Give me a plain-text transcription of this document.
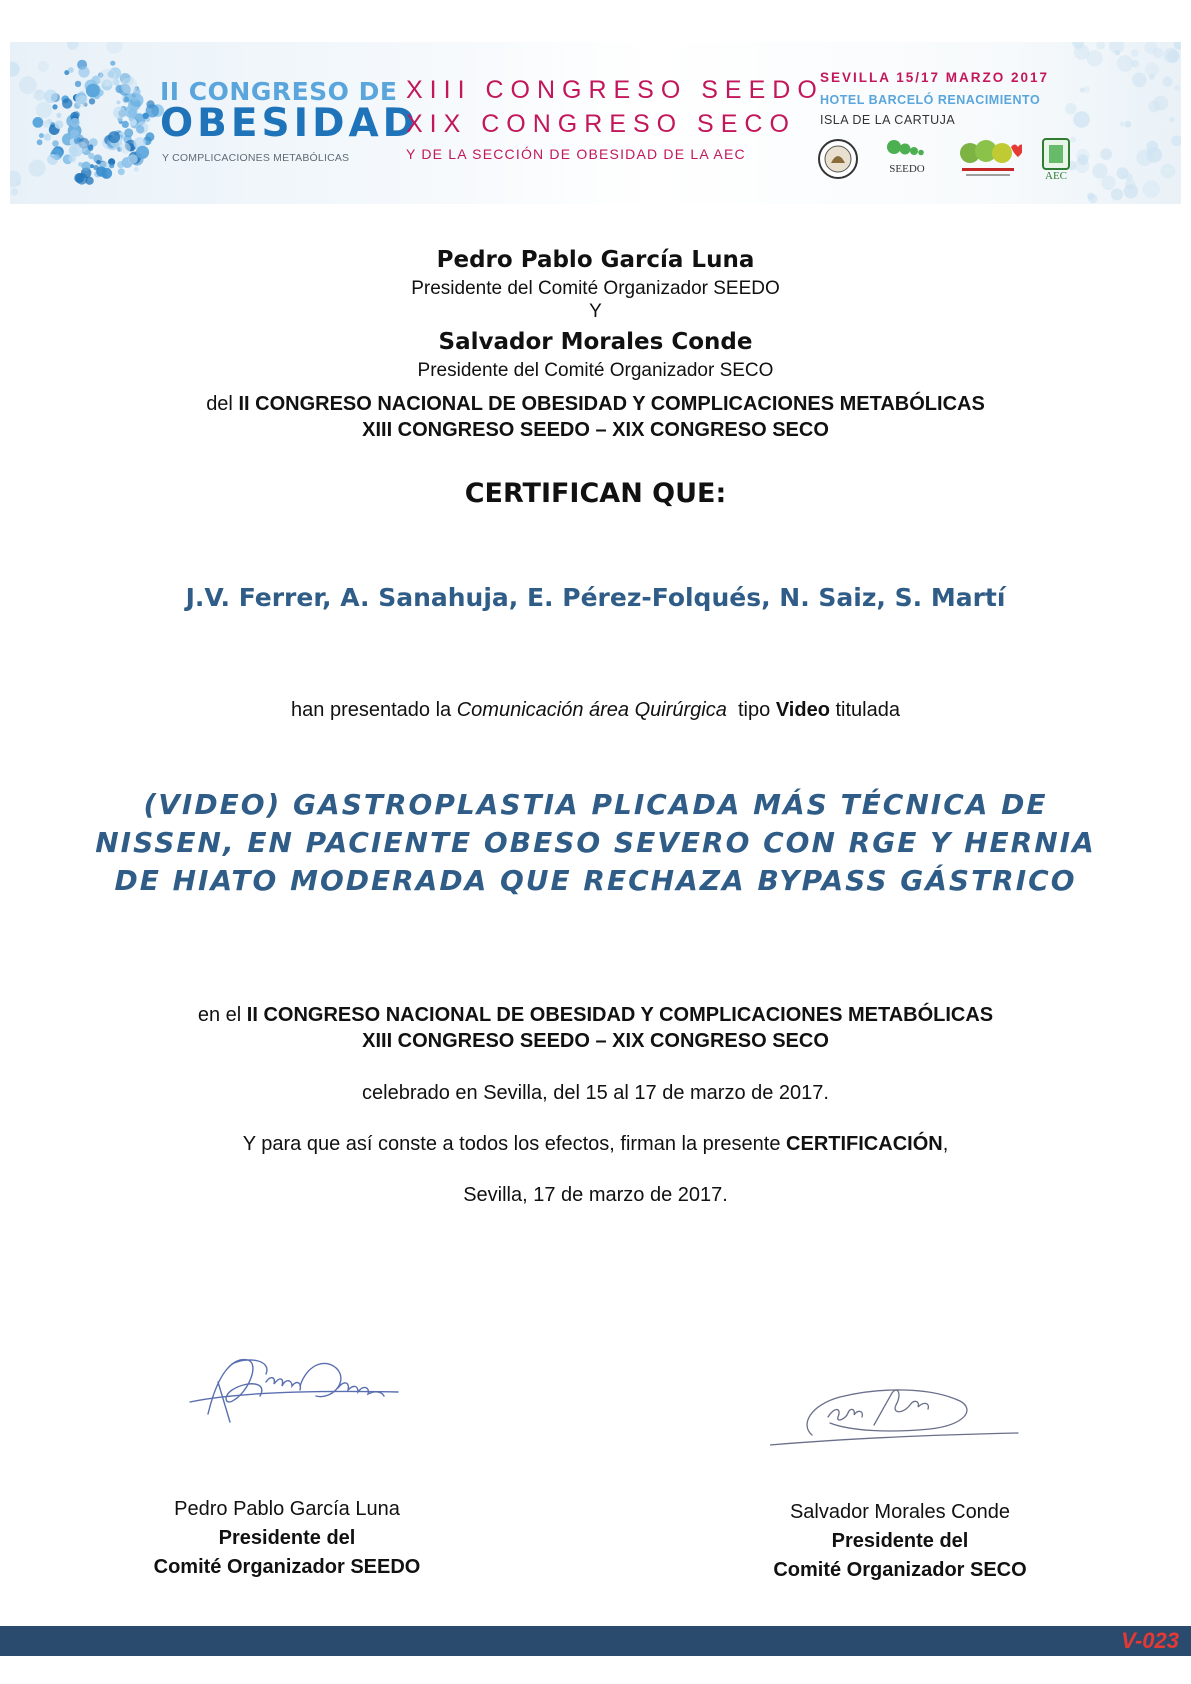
II CONGRESO DE
OBESIDAD
Y COMPLICACIONES METABÓLICAS
XIII CONGRESO SEEDO
XIX CONGRESO SECO
Y DE LA SECCIÓN DE OBESIDAD DE LA AEC
SEVILLA 15/17 MARZO 2017
HOTEL BARCELÓ RENACIMIENTO
ISLA DE LA CARTUJA
SEEDO
AEC
Pedro Pablo García Luna
Presidente del Comité Organizador SEEDO
Y
Salvador Morales Conde
Presidente del Comité Organizador SECO
del II CONGRESO NACIONAL DE OBESIDAD Y COMPLICACIONES METABÓLICAS
XIII CONGRESO SEEDO – XIX CONGRESO SECO
CERTIFICAN QUE:
J.V. Ferrer, A. Sanahuja, E. Pérez-Folqués, N. Saiz, S. Martí
han presentado la Comunicación área Quirúrgica tipo Video titulada
(VIDEO) GASTROPLASTIA PLICADA MÁS TÉCNICA DE
NISSEN, EN PACIENTE OBESO SEVERO CON RGE Y HERNIA
DE HIATO MODERADA QUE RECHAZA BYPASS GÁSTRICO
en el II CONGRESO NACIONAL DE OBESIDAD Y COMPLICACIONES METABÓLICAS
XIII CONGRESO SEEDO – XIX CONGRESO SECO
celebrado en Sevilla, del 15 al 17 de marzo de 2017.
Y para que así conste a todos los efectos, firman la presente CERTIFICACIÓN,
Sevilla, 17 de marzo de 2017.
Pedro Pablo García Luna
Presidente del
Comité Organizador SEEDO
Salvador Morales Conde
Presidente del
Comité Organizador SECO
V-023
